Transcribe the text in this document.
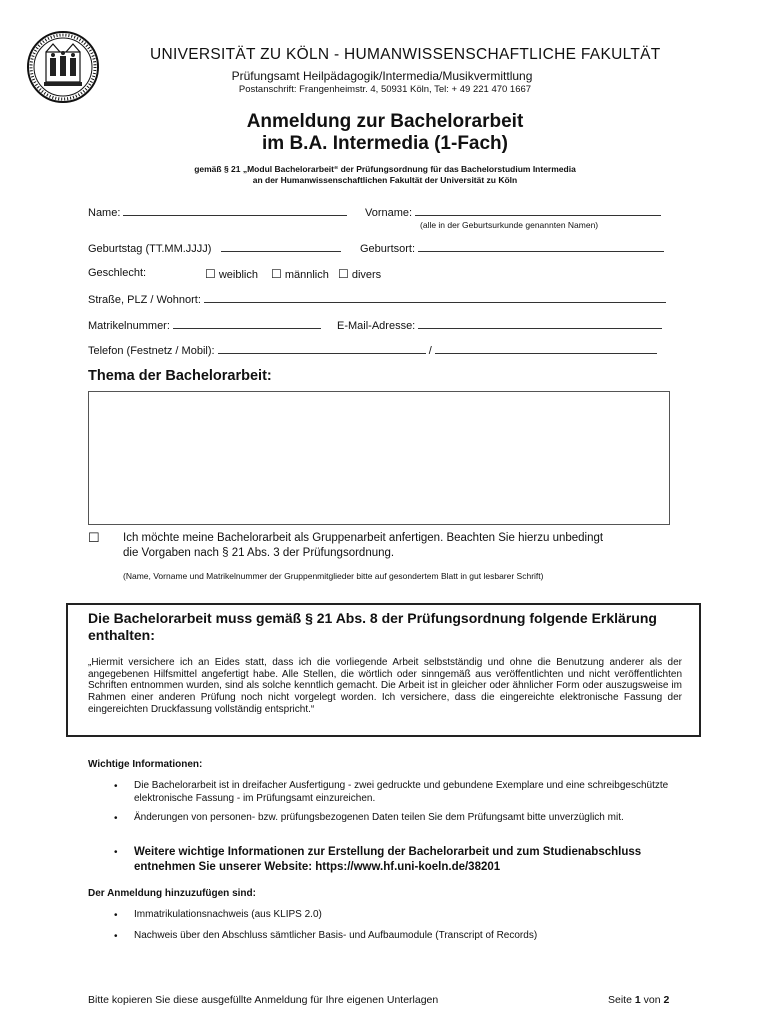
UNIVERSITÄT ZU KÖLN - HUMANWISSENSCHAFTLICHE FAKULTÄT
Prüfungsamt Heilpädagogik/Intermedia/Musikvermittlung
Postanschrift: Frangenheimstr. 4, 50931 Köln, Tel: + 49 221 470 1667
Anmeldung zur Bachelorarbeit
im B.A. Intermedia (1-Fach)
gemäß § 21 „Modul Bachelorarbeit“ der Prüfungsordnung für das Bachelorstudium Intermedia
an der Humanwissenschaftlichen Fakultät der Universität zu Köln
Name:	Vorname:
(alle in der Geburtsurkunde genannten Namen)
Geburtstag (TT.MM.JJJJ)	Geburtsort:
Geschlecht:	☐ weiblich ☐ männlich ☐ divers
Straße, PLZ / Wohnort:
Matrikelnummer:	E-Mail-Adresse:
Telefon (Festnetz / Mobil):	/
Thema der Bachelorarbeit:
☐ Ich möchte meine Bachelorarbeit als Gruppenarbeit anfertigen. Beachten Sie hierzu unbedingt
die Vorgaben nach § 21 Abs. 3 der Prüfungsordnung.
(Name, Vorname und Matrikelnummer der Gruppenmitglieder bitte auf gesondertem Blatt in gut lesbarer Schrift)
Die Bachelorarbeit muss gemäß § 21 Abs. 8 der Prüfungsordnung folgende Erklärung enthalten:
„Hiermit versichere ich an Eides statt, dass ich die vorliegende Arbeit selbstständig und ohne die Benutzung anderer als der angegebenen Hilfsmittel angefertigt habe. Alle Stellen, die wörtlich oder sinngemäß aus veröffentlichten und nicht veröffentlichten Schriften entnommen wurden, sind als solche kenntlich gemacht. Die Arbeit ist in gleicher oder ähnlicher Form oder auszugsweise im Rahmen einer anderen Prüfung noch nicht vorgelegt worden. Ich versichere, dass die eingereichte elektronische Fassung der eingereichten Druckfassung vollständig entspricht.“
Wichtige Informationen:
• Die Bachelorarbeit ist in dreifacher Ausfertigung - zwei gedruckte und gebundene Exemplare und eine schreibgeschützte elektronische Fassung - im Prüfungsamt einzureichen.
• Änderungen von personen- bzw. prüfungsbezogenen Daten teilen Sie dem Prüfungsamt bitte unverzüglich mit.
• Weitere wichtige Informationen zur Erstellung der Bachelorarbeit und zum Studienabschluss entnehmen Sie unserer Website: https://www.hf.uni-koeln.de/38201
Der Anmeldung hinzuzufügen sind:
• Immatrikulationsnachweis (aus KLIPS 2.0)
• Nachweis über den Abschluss sämtlicher Basis- und Aufbaumodule (Transcript of Records)
Bitte kopieren Sie diese ausgefüllte Anmeldung für Ihre eigenen Unterlagen	Seite 1 von 2
